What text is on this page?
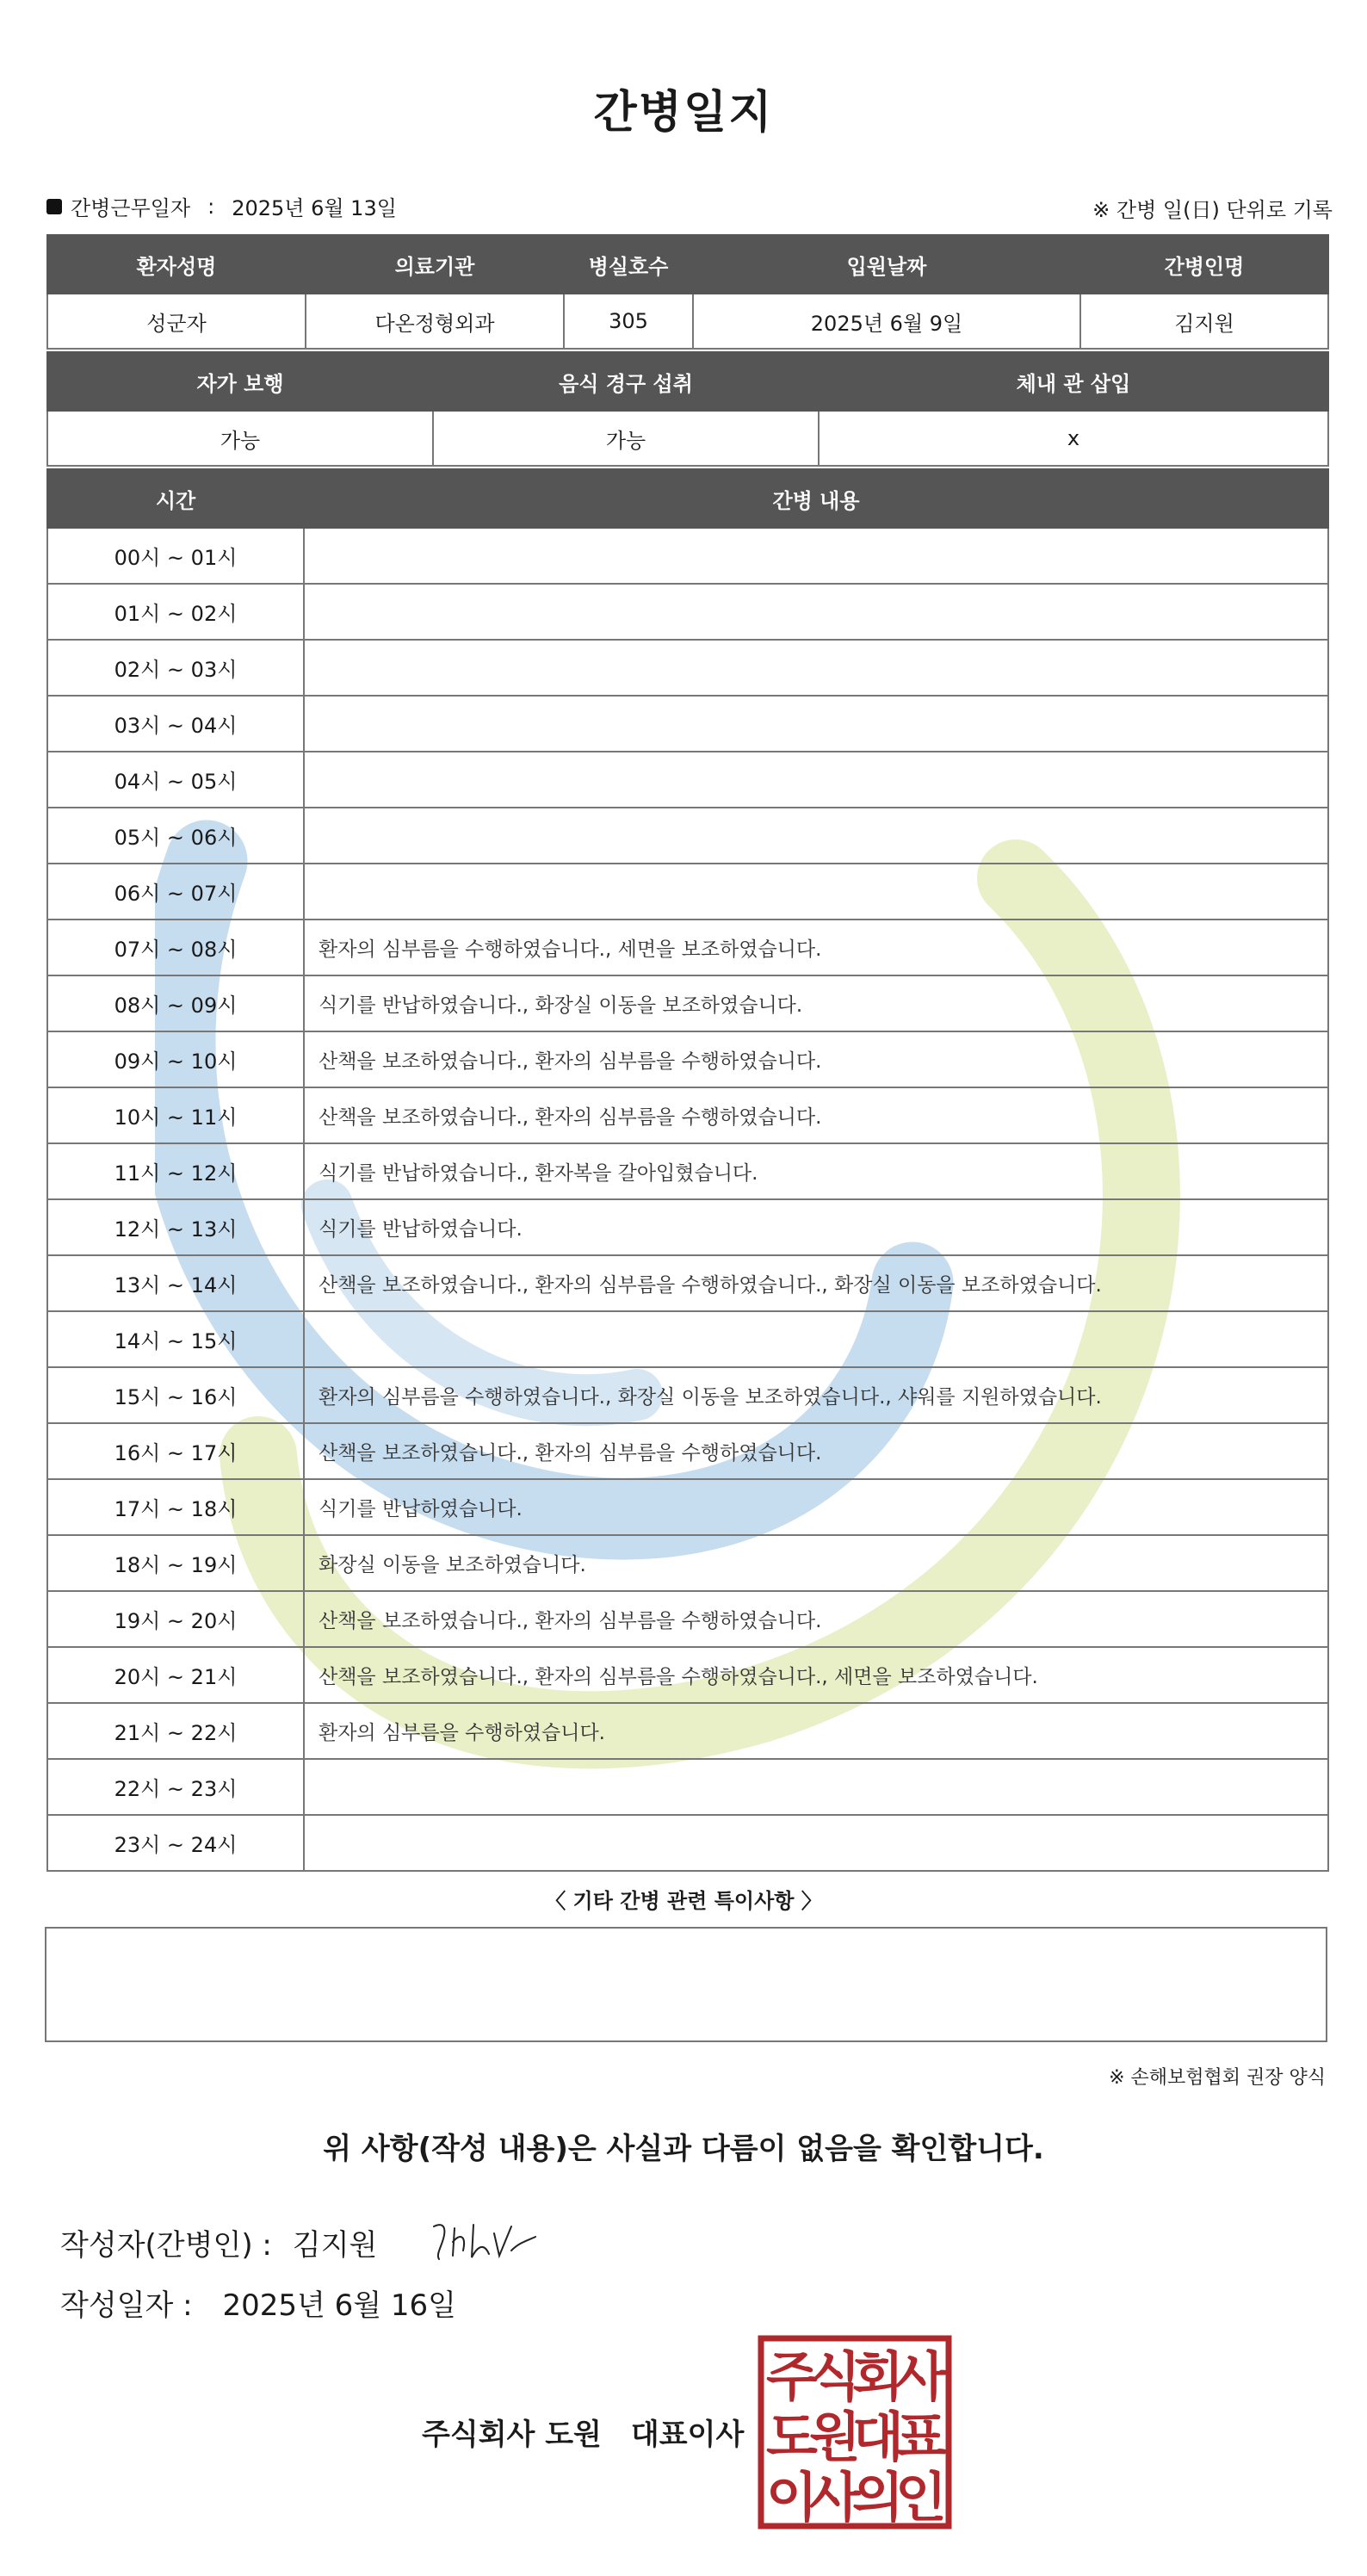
간병일지
간병근무일자 : 2025년 6월 13일	※ 간병 일(日) 단위로 기록
환자성명	의료기관	병실호수	입원날짜	간병인명
성군자	다온정형외과	305	2025년 6월 9일	김지원
자가 보행	음식 경구 섭취	체내 관 삽입
가능	가능	x
시간	간병 내용
00시 ~ 01시	
01시 ~ 02시	
02시 ~ 03시	
03시 ~ 04시	
04시 ~ 05시	
05시 ~ 06시	
06시 ~ 07시	
07시 ~ 08시	환자의 심부름을 수행하였습니다., 세면을 보조하였습니다.
08시 ~ 09시	식기를 반납하였습니다., 화장실 이동을 보조하였습니다.
09시 ~ 10시	산책을 보조하였습니다., 환자의 심부름을 수행하였습니다.
10시 ~ 11시	산책을 보조하였습니다., 환자의 심부름을 수행하였습니다.
11시 ~ 12시	식기를 반납하였습니다., 환자복을 갈아입혔습니다.
12시 ~ 13시	식기를 반납하였습니다.
13시 ~ 14시	산책을 보조하였습니다., 환자의 심부름을 수행하였습니다., 화장실 이동을 보조하였습니다.
14시 ~ 15시	
15시 ~ 16시	환자의 심부름을 수행하였습니다., 화장실 이동을 보조하였습니다., 샤워를 지원하였습니다.
16시 ~ 17시	산책을 보조하였습니다., 환자의 심부름을 수행하였습니다.
17시 ~ 18시	식기를 반납하였습니다.
18시 ~ 19시	화장실 이동을 보조하였습니다.
19시 ~ 20시	산책을 보조하였습니다., 환자의 심부름을 수행하였습니다.
20시 ~ 21시	산책을 보조하였습니다., 환자의 심부름을 수행하였습니다., 세면을 보조하였습니다.
21시 ~ 22시	환자의 심부름을 수행하였습니다.
22시 ~ 23시	
23시 ~ 24시	
〈 기타 간병 관련 특이사항 〉
※ 손해보험협회 권장 양식
위 사항(작성 내용)은 사실과 다름이 없음을 확인합니다.
작성자(간병인) : 김지원
작성일자 : 2025년 6월 16일
주식회사 도원 대표이사
주
식
회
사
도
원
대
표
이
사
의
인
